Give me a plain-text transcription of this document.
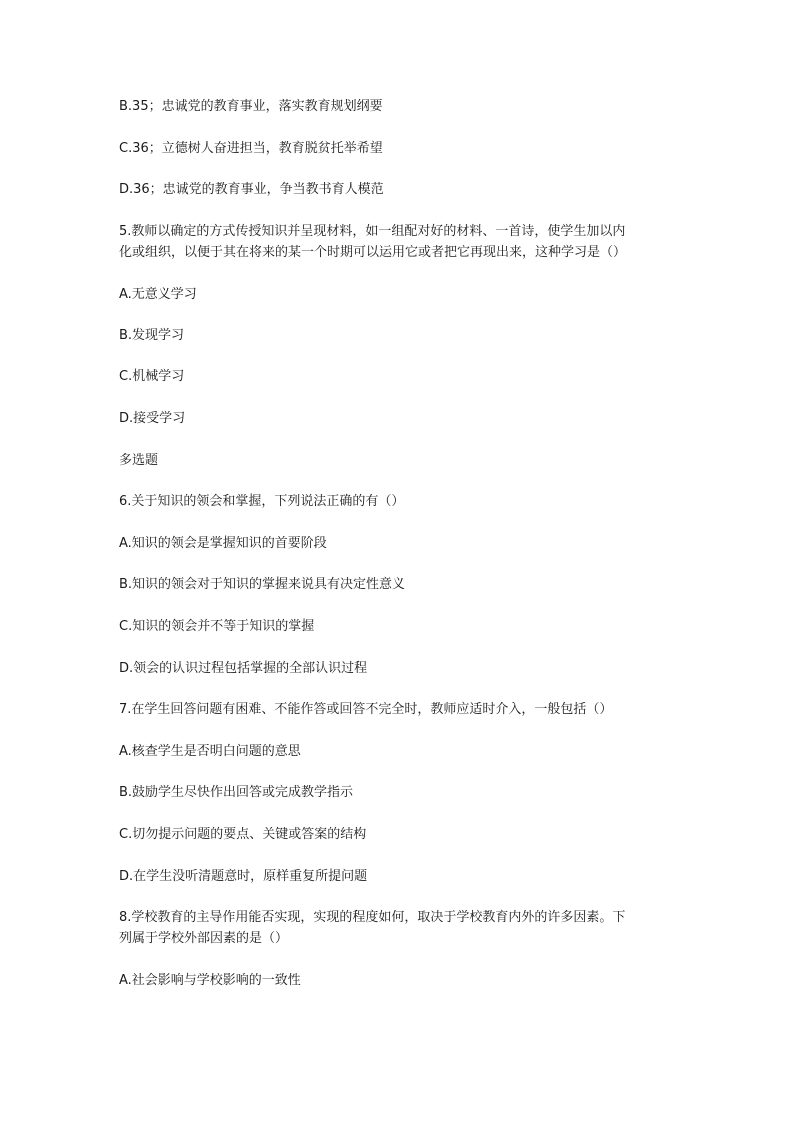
B.35；忠诚党的教育事业，落实教育规划纲要
C.36；立德树人奋进担当，教育脱贫托举希望
D.36；忠诚党的教育事业，争当教书育人模范
5.教师以确定的方式传授知识并呈现材料，如一组配对好的材料、一首诗，使学生加以内
化或组织，以便于其在将来的某一个时期可以运用它或者把它再现出来，这种学习是（）
A.无意义学习
B.发现学习
C.机械学习
D.接受学习
多选题
6.关于知识的领会和掌握，下列说法正确的有（）
A.知识的领会是掌握知识的首要阶段
B.知识的领会对于知识的掌握来说具有决定性意义
C.知识的领会并不等于知识的掌握
D.领会的认识过程包括掌握的全部认识过程
7.在学生回答问题有困难、不能作答或回答不完全时，教师应适时介入，一般包括（）
A.核查学生是否明白问题的意思
B.鼓励学生尽快作出回答或完成教学指示
C.切勿提示问题的要点、关键或答案的结构
D.在学生没听清题意时，原样重复所提问题
8.学校教育的主导作用能否实现，实现的程度如何，取决于学校教育内外的许多因素。下
列属于学校外部因素的是（）
A.社会影响与学校影响的一致性
